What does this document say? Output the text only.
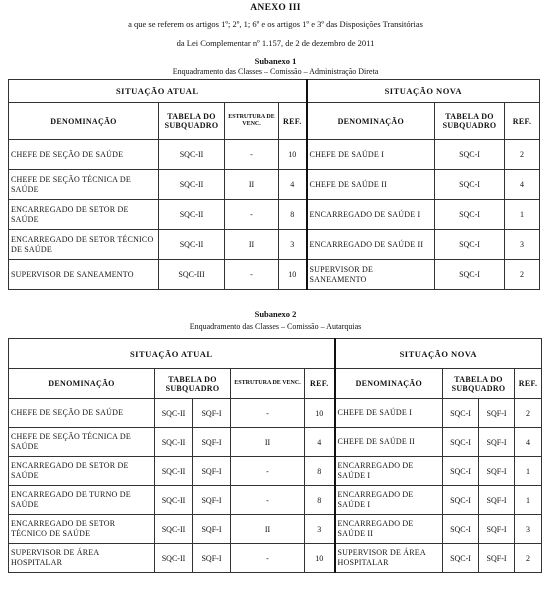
ANEXO III
a que se referem os artigos 1º; 2º, 1; 6º e os artigos 1º e 3º das Disposições Transitórias
da Lei Complementar nº 1.157, de 2 de dezembro de 2011
Subanexo 1
Enquadramento das Classes – Comissão – Administração Direta
SITUAÇÃO ATUAL				SITUAÇÃO NOVA		
DENOMINAÇÃO	TABELA DO SUBQUADRO	ESTRUTURA DE VENC.	REF.	DENOMINAÇÃO	TABELA DO SUBQUADRO	REF.
CHEFE DE SEÇÃO DE SAÚDE	SQC-II	-	10	CHEFE DE SAÚDE I	SQC-I	2
CHEFE DE SEÇÃO TÉCNICA DE SAÚDE	SQC-II	II	4	CHEFE DE SAÚDE II	SQC-I	4
ENCARREGADO DE SETOR DE SAÚDE	SQC-II	-	8	ENCARREGADO DE SAÚDE I	SQC-I	1
ENCARREGADO DE SETOR TÉCNICO DE SAÚDE	SQC-II	II	3	ENCARREGADO DE SAÚDE II	SQC-I	3
SUPERVISOR DE SANEAMENTO	SQC-III	-	10	SUPERVISOR DE SANEAMENTO	SQC-I	2
Subanexo 2
Enquadramento das Classes – Comissão – Autarquias
SITUAÇÃO ATUAL					SITUAÇÃO NOVA			
DENOMINAÇÃO	TABELA DO SUBQUADRO		ESTRUTURA DE VENC.	REF.	DENOMINAÇÃO	TABELA DO SUBQUADRO		REF.
CHEFE DE SEÇÃO DE SAÚDE	SQC-II	SQF-I	-	10	CHEFE DE SAÚDE I	SQC-I	SQF-I	2
CHEFE DE SEÇÃO TÉCNICA DE SAÚDE	SQC-II	SQF-I	II	4	CHEFE DE SAÚDE II	SQC-I	SQF-I	4
ENCARREGADO DE SETOR DE SAÚDE	SQC-II	SQF-I	-	8	ENCARREGADO DE SAÚDE I	SQC-I	SQF-I	1
ENCARREGADO DE TURNO DE SAÚDE	SQC-II	SQF-I	-	8	ENCARREGADO DE SAÚDE I	SQC-I	SQF-I	1
ENCARREGADO DE SETOR TÉCNICO DE SAÚDE	SQC-II	SQF-I	II	3	ENCARREGADO DE SAÚDE II	SQC-I	SQF-I	3
SUPERVISOR DE ÁREA HOSPITALAR	SQC-II	SQF-I	-	10	SUPERVISOR DE ÁREA HOSPITALAR	SQC-I	SQF-I	2
